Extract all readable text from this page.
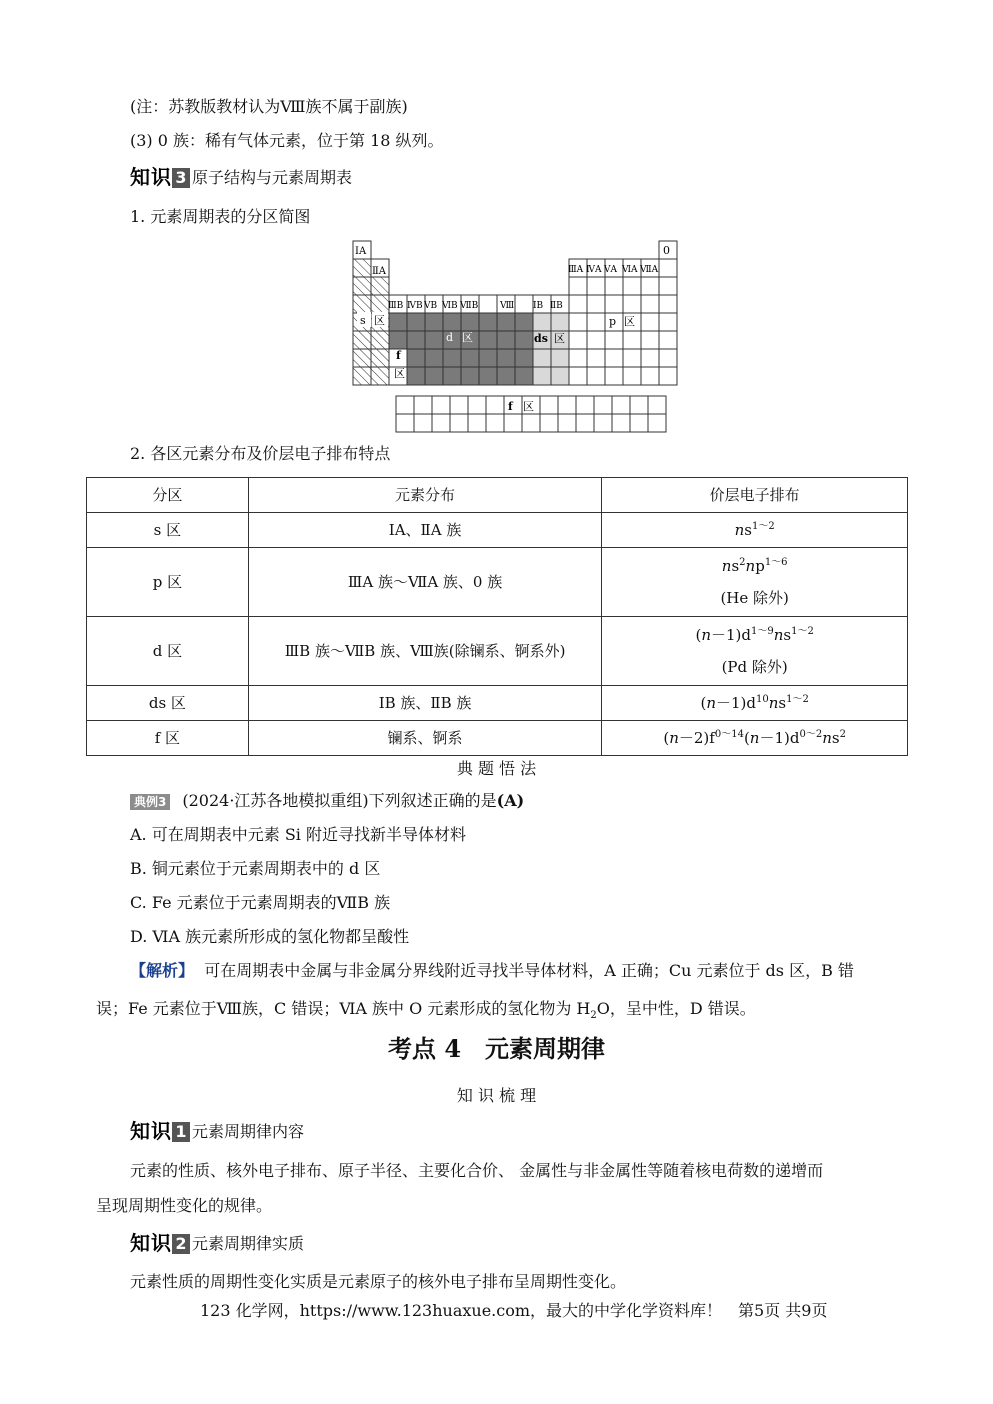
(注：苏教版教材认为Ⅷ族不属于副族)
(3) 0 族：稀有气体元素，位于第 18 纵列。
知识 3 原子结构与元素周期表
1. 元素周期表的分区简图
ⅠA
ⅡA
0
ⅢB ⅣB ⅤB ⅥB ⅦB Ⅷ ⅠB ⅡB
ⅢA ⅣA ⅤA ⅥA ⅦA
s 区
d 区	ds 区
p 区
f
区
f 区
2. 各区元素分布及价层电子排布特点
分区	元素分布	价层电子排布
s 区	ⅠA、ⅡA 族	$ns^{1\sim 2}$
p 区	ⅢA 族～ⅦA 族、0 族	$ns^2np^{1\sim 6}$
(He 除外)

d 区	ⅢB 族～ⅦB 族、Ⅷ族(除镧系、锕系外)	$(n-1)d^{1\sim 9}ns^{1\sim 2}$
(Pd 除外)

ds 区	ⅠB 族、ⅡB 族	$(n-1)d^{10}ns^{1\sim 2}$
f 区	镧系、锕系	$(n-2)f^{0\sim 14}(n-1)d^{0\sim 2}ns^2$
典 题 悟 法
典例3 (2024·江苏各地模拟重组)下列叙述正确的是(A)
A. 可在周期表中元素 Si 附近寻找新半导体材料
B. 铜元素位于元素周期表中的 d 区
C. Fe 元素位于元素周期表的ⅦB 族
D. ⅥA 族元素所形成的氢化物都呈酸性
【解析】 可在周期表中金属与非金属分界线附近寻找半导体材料，A 正确；Cu 元素位于 ds 区，B 错
误；Fe 元素位于Ⅷ族，C 错误；ⅥA 族中 O 元素形成的氢化物为 $H_2O$，呈中性，D 错误。
考点 4　元素周期律
知 识 梳 理
知识 1 元素周期律内容
元素的性质、核外电子排布、原子半径、主要化合价、 金属性与非金属性等随着核电荷数的递增而
呈现周期性变化的规律。
知识 2 元素周期律实质
元素性质的周期性变化实质是元素原子的核外电子排布呈周期性变化。
123 化学网，https://www.123huaxue.com，最大的中学化学资料库！　第5页 共9页
